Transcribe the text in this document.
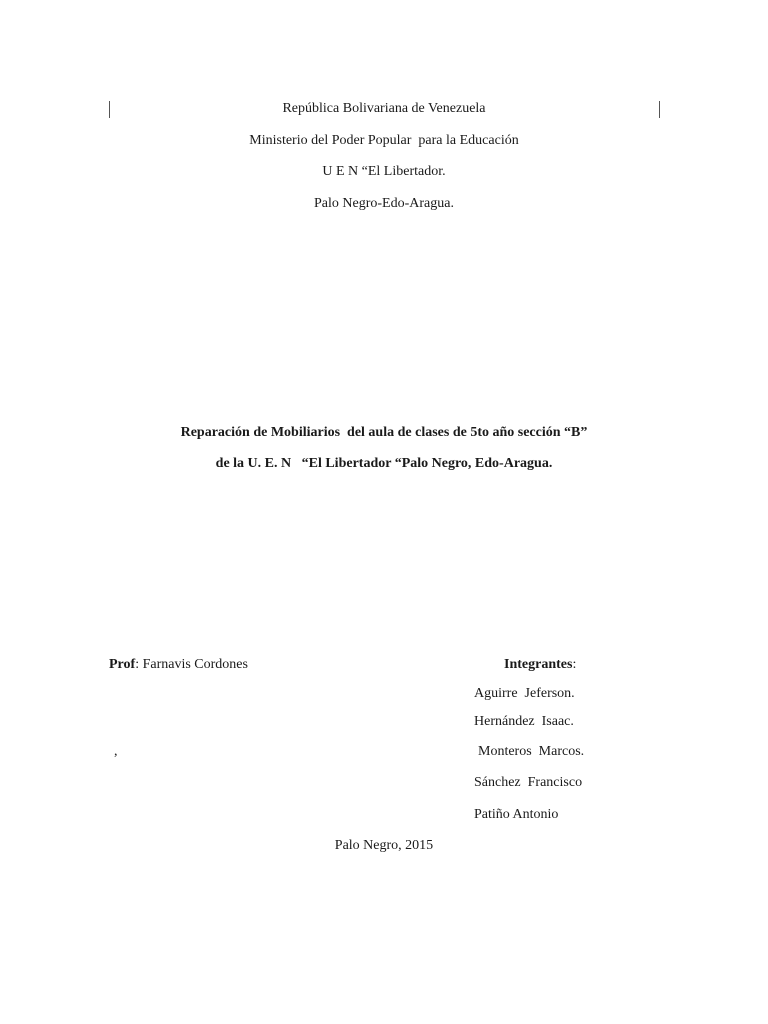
República Bolivariana de Venezuela
Ministerio del Poder Popular  para la Educación
U E N “El Libertador.
Palo Negro-Edo-Aragua.
Reparación de Mobiliarios  del aula de clases de 5to año sección “B”
de la U. E. N   “El Libertador “Palo Negro, Edo-Aragua.
Prof: Farnavis Cordones	Integrantes:
Aguirre  Jeferson.
Hernández  Isaac.
,	Monteros  Marcos.
Sánchez  Francisco
Patiño Antonio
Palo Negro, 2015
